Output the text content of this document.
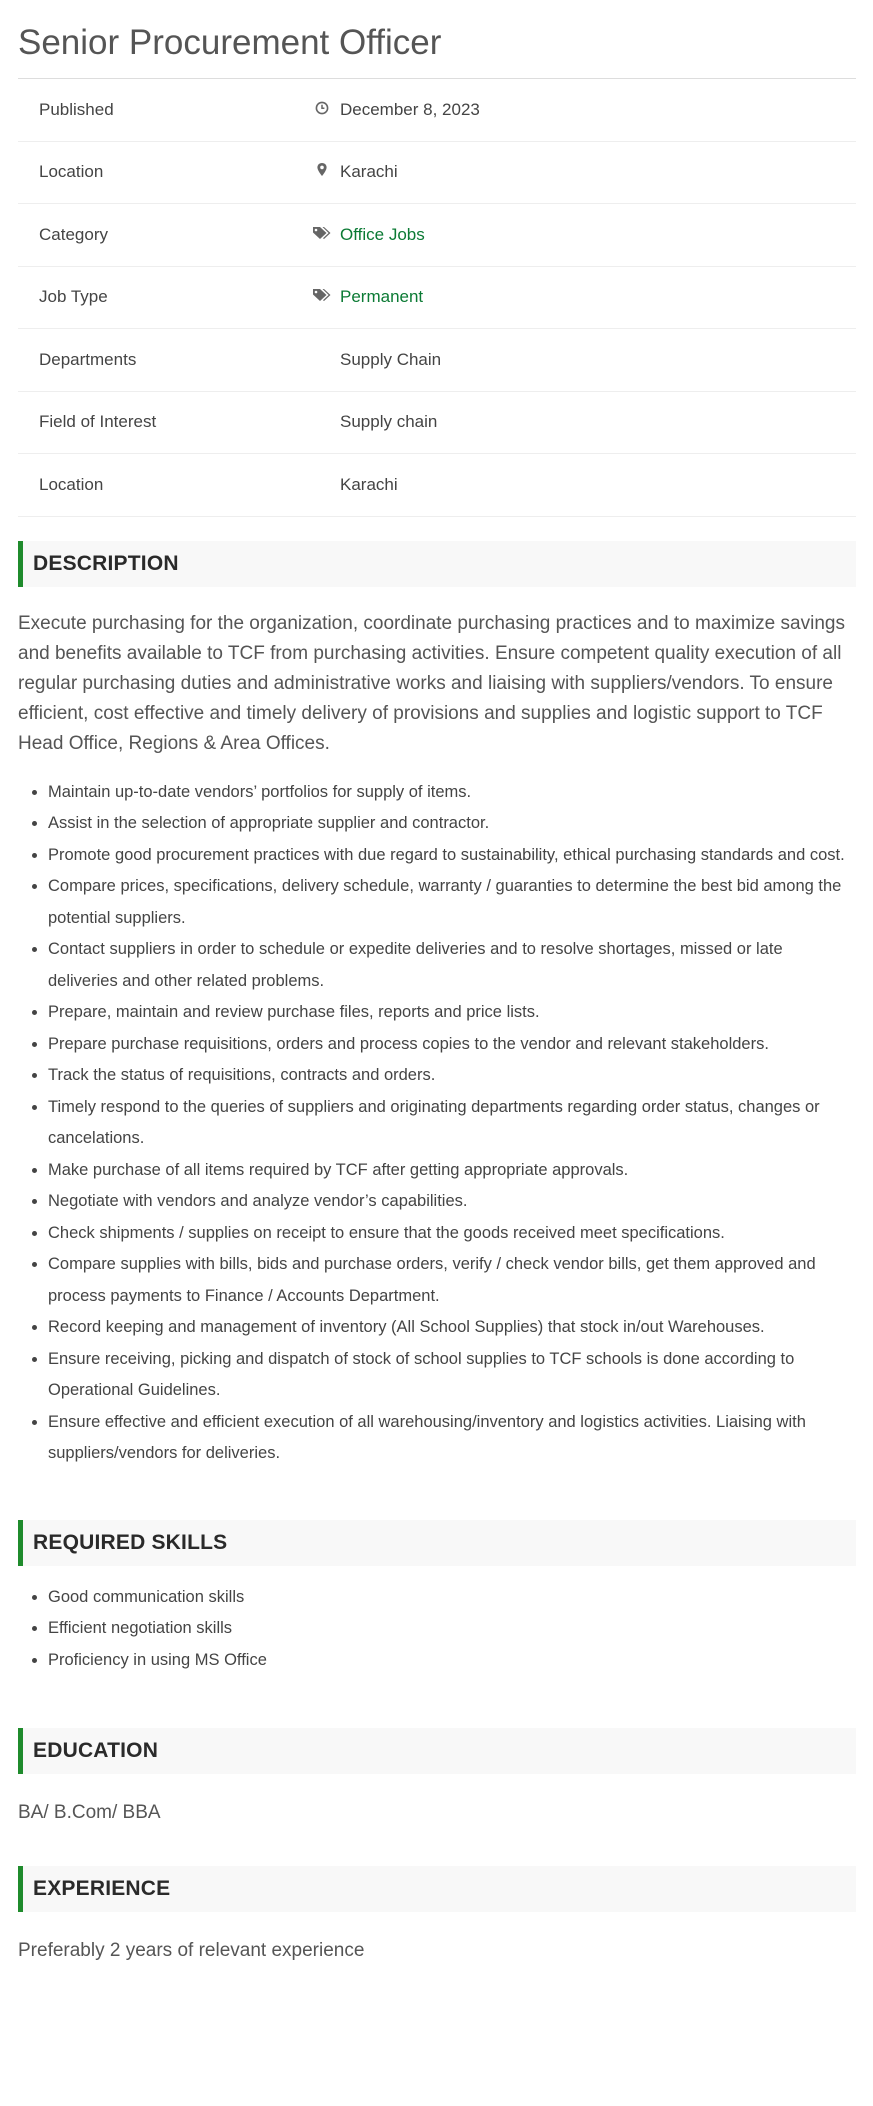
Senior Procurement Officer
Published		December 8, 2023
Location		Karachi
Category		Office Jobs
Job Type		Permanent
Departments		Supply Chain
Field of Interest		Supply chain
Location		Karachi
DESCRIPTION

Execute purchasing for the organization, coordinate purchasing practices and to maximize savings and benefits available to TCF from purchasing activities. Ensure competent quality execution of all regular purchasing duties and administrative works and liaising with suppliers/vendors. To ensure efficient, cost effective and timely delivery of provisions and supplies and logistic support to TCF Head Office, Regions & Area Offices.

• Maintain up-to-date vendors’ portfolios for supply of items.
• Assist in the selection of appropriate supplier and contractor.
• Promote good procurement practices with due regard to sustainability, ethical purchasing standards and cost.
• Compare prices, specifications, delivery schedule, warranty / guaranties to determine the best bid among the potential suppliers.
• Contact suppliers in order to schedule or expedite deliveries and to resolve shortages, missed or late deliveries and other related problems.
• Prepare, maintain and review purchase files, reports and price lists.
• Prepare purchase requisitions, orders and process copies to the vendor and relevant stakeholders.
• Track the status of requisitions, contracts and orders.
• Timely respond to the queries of suppliers and originating departments regarding order status, changes or cancelations.
• Make purchase of all items required by TCF after getting appropriate approvals.
• Negotiate with vendors and analyze vendor’s capabilities.
• Check shipments / supplies on receipt to ensure that the goods received meet specifications.
• Compare supplies with bills, bids and purchase orders, verify / check vendor bills, get them approved and process payments to Finance / Accounts Department.
• Record keeping and management of inventory (All School Supplies) that stock in/out Warehouses.
• Ensure receiving, picking and dispatch of stock of school supplies to TCF schools is done according to Operational Guidelines.
• Ensure effective and efficient execution of all warehousing/inventory and logistics activities. Liaising with suppliers/vendors for deliveries.
REQUIRED SKILLS
• Good communication skills
• Efficient negotiation skills
• Proficiency in using MS Office
EDUCATION

BA/ B.Com/ BBA

EXPERIENCE

Preferably 2 years of relevant experience
